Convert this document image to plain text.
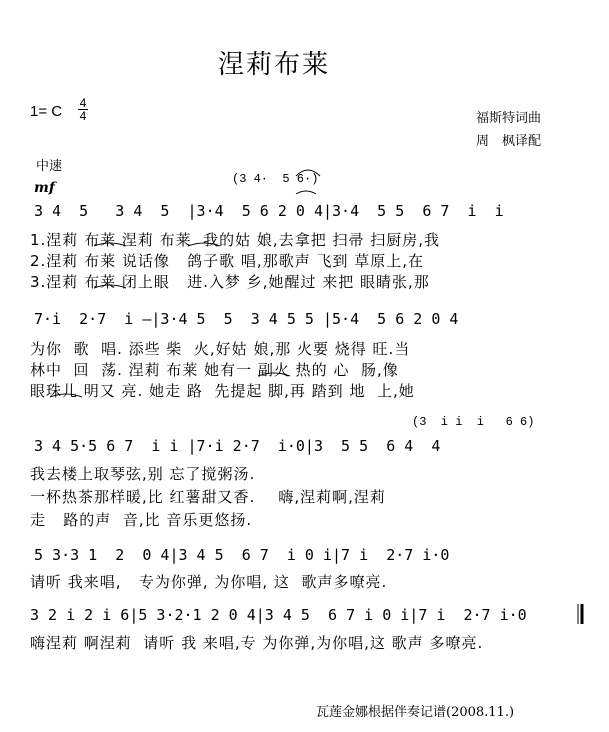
涅莉布莱
1= C 4
4	福斯特词曲
周　枫译配
中速
mf
(3 4·  5 6·)
3 4  5   3 4  5  |3·4  5 6 2 0 4|3·4  5 5  6 7  i  i
1.涅莉 布莱 涅莉 布莱  我的姑 娘,去拿把 扫帚 扫厨房,我
2.涅莉 布莱 说话像   鸽子歌 唱,那歌声 飞到 草原上,在
3.涅莉 布莱 闭上眼   进.入梦 乡,她醒过 来把 眼睛张,那
7·i  2·7  i –|3·4 5  5  3 4 5 5 |5·4  5 6 2 0 4
为你  歌  唱. 添些 柴  火,好姑 娘,那 火要 烧得 旺.当
林中  回  荡. 涅莉 布莱 她有一 副火 热的 心  肠,像
眼珠儿 明又 亮. 她走 路  先提起 脚,再 踏到 地  上,她
(3  i i  i   6 6)
3 4 5·5 6 7  i i |7·i 2·7  i·0|3  5 5  6 4  4
我去楼上取琴弦,别 忘了搅粥汤.
一杯热茶那样暖,比 红薯甜又香.    嗨,涅莉啊,涅莉
走   路的声  音,比 音乐更悠扬.
5 3·3 1  2  0 4|3 4 5  6 7  i 0 i|7 i  2·7 i·0
请听 我来唱,   专为你弹, 为你唱, 这  歌声多嘹亮.
3 2 i 2 i 6|5 3·2·1 2 0 4|3 4 5  6 7 i 0 i|7 i  2·7 i·0
嗨涅莉 啊涅莉  请听 我 来唱,专 为你弹,为你唱,这 歌声 多嘹亮.
瓦莲金娜根据伴奏记谱(2008.11.)
